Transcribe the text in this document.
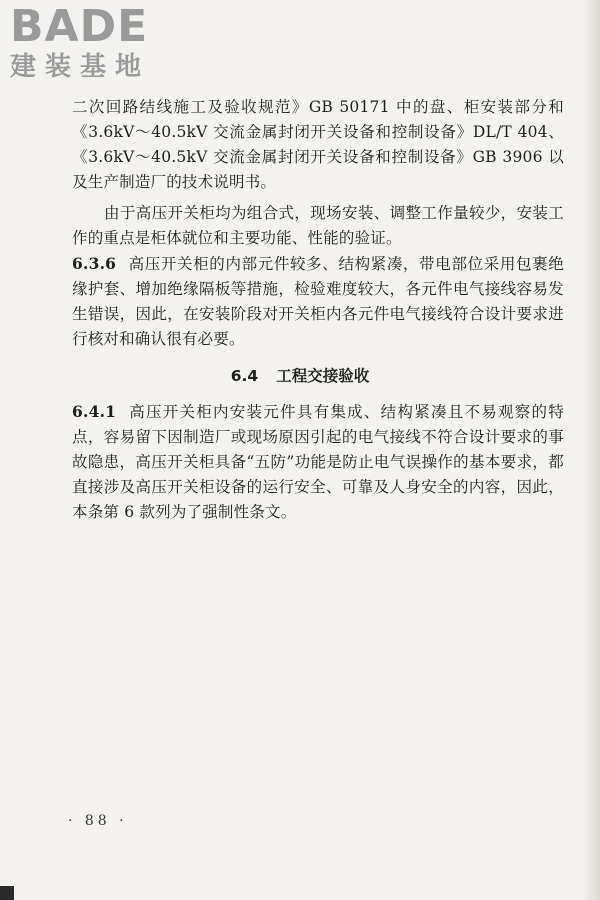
BADE
建装基地
二次回路结线施工及验收规范》GB 50171 中的盘、柜安装部分和《3.6kV～40.5kV 交流金属封闭开关设备和控制设备》DL/T 404、《3.6kV～40.5kV 交流金属封闭开关设备和控制设备》GB 3906 以及生产制造厂的技术说明书。
由于高压开关柜均为组合式，现场安装、调整工作量较少，安装工作的重点是柜体就位和主要功能、性能的验证。
6.3.6 高压开关柜的内部元件较多、结构紧凑，带电部位采用包裹绝缘护套、增加绝缘隔板等措施，检验难度较大，各元件电气接线容易发生错误，因此，在安装阶段对开关柜内各元件电气接线符合设计要求进行核对和确认很有必要。
6.4 工程交接验收
6.4.1 高压开关柜内安装元件具有集成、结构紧凑且不易观察的特点，容易留下因制造厂或现场原因引起的电气接线不符合设计要求的事故隐患，高压开关柜具备“五防”功能是防止电气误操作的基本要求，都直接涉及高压开关柜设备的运行安全、可靠及人身安全的内容，因此，本条第 6 款列为了强制性条文。
· 88 ·
